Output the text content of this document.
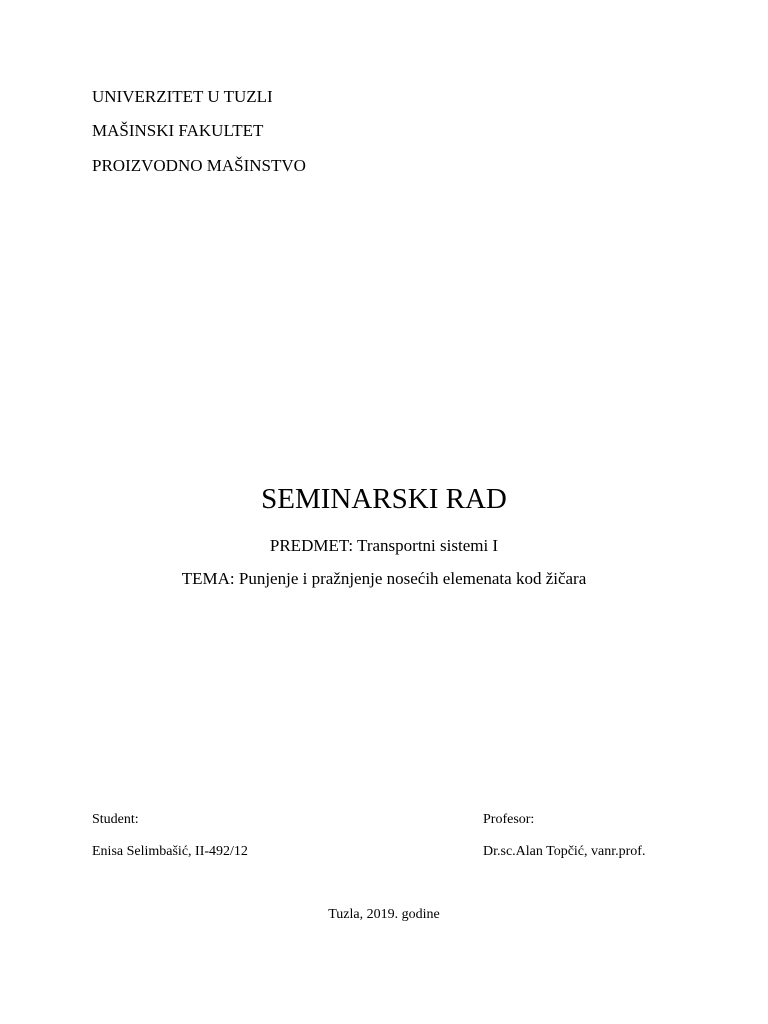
UNIVERZITET U TUZLI
MAŠINSKI FAKULTET
PROIZVODNO MAŠINSTVO
SEMINARSKI RAD
PREDMET: Transportni sistemi I
TEMA: Punjenje i pražnjenje nosećih elemenata kod žičara
Student:
Enisa Selimbašić, II-492/12
Profesor:
Dr.sc.Alan Topčić, vanr.prof.
Tuzla, 2019. godine
